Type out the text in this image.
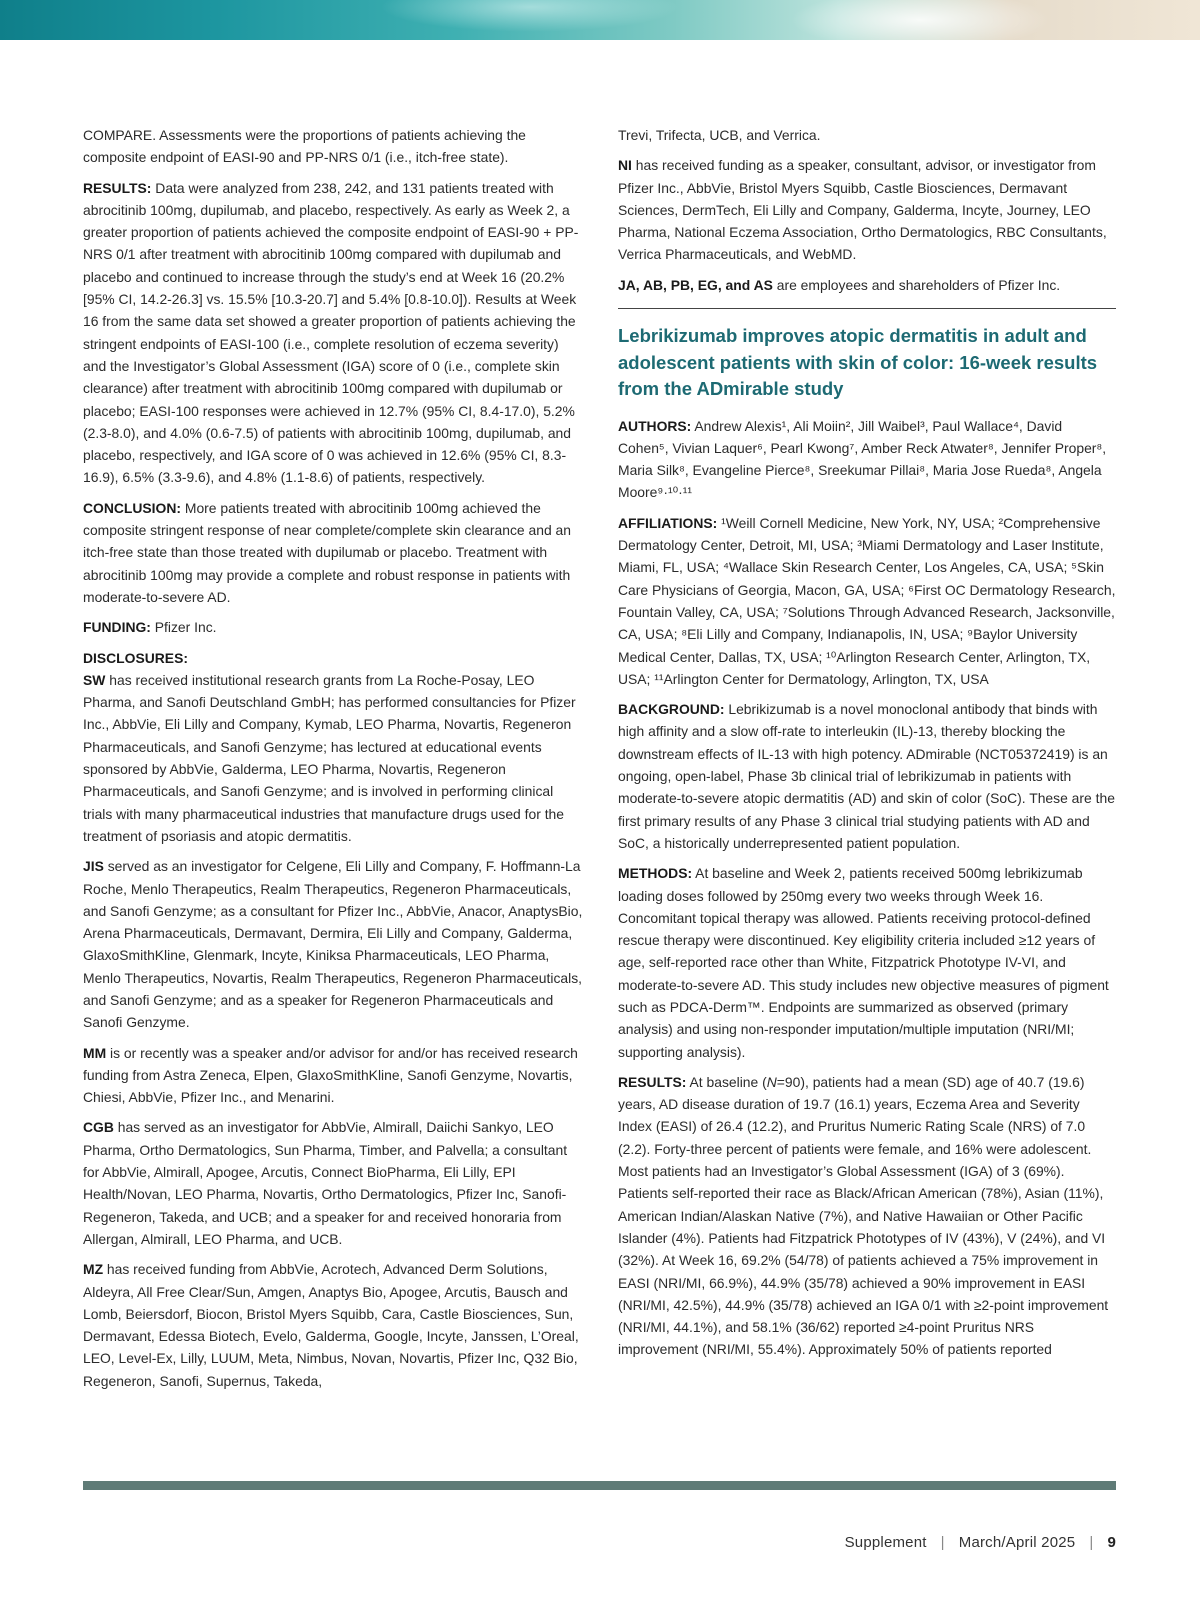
COMPARE. Assessments were the proportions of patients achieving the composite endpoint of EASI-90 and PP-NRS 0/1 (i.e., itch-free state).

RESULTS: Data were analyzed from 238, 242, and 131 patients treated with abrocitinib 100mg, dupilumab, and placebo, respectively. As early as Week 2, a greater proportion of patients achieved the composite endpoint of EASI-90 + PP-NRS 0/1 after treatment with abrocitinib 100mg compared with dupilumab and placebo and continued to increase through the study’s end at Week 16 (20.2% [95% CI, 14.2-26.3] vs. 15.5% [10.3-20.7] and 5.4% [0.8-10.0]). Results at Week 16 from the same data set showed a greater proportion of patients achieving the stringent endpoints of EASI-100 (i.e., complete resolution of eczema severity) and the Investigator’s Global Assessment (IGA) score of 0 (i.e., complete skin clearance) after treatment with abrocitinib 100mg compared with dupilumab or placebo; EASI-100 responses were achieved in 12.7% (95% CI, 8.4-17.0), 5.2% (2.3-8.0), and 4.0% (0.6-7.5) of patients with abrocitinib 100mg, dupilumab, and placebo, respectively, and IGA score of 0 was achieved in 12.6% (95% CI, 8.3-16.9), 6.5% (3.3-9.6), and 4.8% (1.1-8.6) of patients, respectively.

CONCLUSION: More patients treated with abrocitinib 100mg achieved the composite stringent response of near complete/complete skin clearance and an itch-free state than those treated with dupilumab or placebo. Treatment with abrocitinib 100mg may provide a complete and robust response in patients with moderate-to-severe AD.

FUNDING: Pfizer Inc.

DISCLOSURES:

SW has received institutional research grants from La Roche-Posay, LEO Pharma, and Sanofi Deutschland GmbH; has performed consultancies for Pfizer Inc., AbbVie, Eli Lilly and Company, Kymab, LEO Pharma, Novartis, Regeneron Pharmaceuticals, and Sanofi Genzyme; has lectured at educational events sponsored by AbbVie, Galderma, LEO Pharma, Novartis, Regeneron Pharmaceuticals, and Sanofi Genzyme; and is involved in performing clinical trials with many pharmaceutical industries that manufacture drugs used for the treatment of psoriasis and atopic dermatitis.

JIS served as an investigator for Celgene, Eli Lilly and Company, F. Hoffmann-La Roche, Menlo Therapeutics, Realm Therapeutics, Regeneron Pharmaceuticals, and Sanofi Genzyme; as a consultant for Pfizer Inc., AbbVie, Anacor, AnaptysBio, Arena Pharmaceuticals, Dermavant, Dermira, Eli Lilly and Company, Galderma, GlaxoSmithKline, Glenmark, Incyte, Kiniksa Pharmaceuticals, LEO Pharma, Menlo Therapeutics, Novartis, Realm Therapeutics, Regeneron Pharmaceuticals, and Sanofi Genzyme; and as a speaker for Regeneron Pharmaceuticals and Sanofi Genzyme.

MM is or recently was a speaker and/or advisor for and/or has received research funding from Astra Zeneca, Elpen, GlaxoSmithKline, Sanofi Genzyme, Novartis, Chiesi, AbbVie, Pfizer Inc., and Menarini.

CGB has served as an investigator for AbbVie, Almirall, Daiichi Sankyo, LEO Pharma, Ortho Dermatologics, Sun Pharma, Timber, and Palvella; a consultant for AbbVie, Almirall, Apogee, Arcutis, Connect BioPharma, Eli Lilly, EPI Health/Novan, LEO Pharma, Novartis, Ortho Dermatologics, Pfizer Inc, Sanofi-Regeneron, Takeda, and UCB; and a speaker for and received honoraria from Allergan, Almirall, LEO Pharma, and UCB.

MZ has received funding from AbbVie, Acrotech, Advanced Derm Solutions, Aldeyra, All Free Clear/Sun, Amgen, Anaptys Bio, Apogee, Arcutis, Bausch and Lomb, Beiersdorf, Biocon, Bristol Myers Squibb, Cara, Castle Biosciences, Sun, Dermavant, Edessa Biotech, Evelo, Galderma, Google, Incyte, Janssen, L’Oreal, LEO, Level-Ex, Lilly, LUUM, Meta, Nimbus, Novan, Novartis, Pfizer Inc, Q32 Bio, Regeneron, Sanofi, Supernus, Takeda,

Trevi, Trifecta, UCB, and Verrica.

NI has received funding as a speaker, consultant, advisor, or investigator from Pfizer Inc., AbbVie, Bristol Myers Squibb, Castle Biosciences, Dermavant Sciences, DermTech, Eli Lilly and Company, Galderma, Incyte, Journey, LEO Pharma, National Eczema Association, Ortho Dermatologics, RBC Consultants, Verrica Pharmaceuticals, and WebMD.

JA, AB, PB, EG, and AS are employees and shareholders of Pfizer Inc.

Lebrikizumab improves atopic dermatitis in adult and adolescent patients with skin of color: 16-week results from the ADmirable study

AUTHORS: Andrew Alexis¹, Ali Moiin², Jill Waibel³, Paul Wallace⁴, David Cohen⁵, Vivian Laquer⁶, Pearl Kwong⁷, Amber Reck Atwater⁸, Jennifer Proper⁸, Maria Silk⁸, Evangeline Pierce⁸, Sreekumar Pillai⁸, Maria Jose Rueda⁸, Angela Moore⁹·¹⁰·¹¹

AFFILIATIONS: ¹Weill Cornell Medicine, New York, NY, USA; ²Comprehensive Dermatology Center, Detroit, MI, USA; ³Miami Dermatology and Laser Institute, Miami, FL, USA; ⁴Wallace Skin Research Center, Los Angeles, CA, USA; ⁵Skin Care Physicians of Georgia, Macon, GA, USA; ⁶First OC Dermatology Research, Fountain Valley, CA, USA; ⁷Solutions Through Advanced Research, Jacksonville, CA, USA; ⁸Eli Lilly and Company, Indianapolis, IN, USA; ⁹Baylor University Medical Center, Dallas, TX, USA; ¹⁰Arlington Research Center, Arlington, TX, USA; ¹¹Arlington Center for Dermatology, Arlington, TX, USA

BACKGROUND: Lebrikizumab is a novel monoclonal antibody that binds with high affinity and a slow off-rate to interleukin (IL)-13, thereby blocking the downstream effects of IL-13 with high potency. ADmirable (NCT05372419) is an ongoing, open-label, Phase 3b clinical trial of lebrikizumab in patients with moderate-to-severe atopic dermatitis (AD) and skin of color (SoC). These are the first primary results of any Phase 3 clinical trial studying patients with AD and SoC, a historically underrepresented patient population.

METHODS: At baseline and Week 2, patients received 500mg lebrikizumab loading doses followed by 250mg every two weeks through Week 16. Concomitant topical therapy was allowed. Patients receiving protocol-defined rescue therapy were discontinued. Key eligibility criteria included ≥12 years of age, self-reported race other than White, Fitzpatrick Phototype IV-VI, and moderate-to-severe AD. This study includes new objective measures of pigment such as PDCA-Derm™. Endpoints are summarized as observed (primary analysis) and using non-responder imputation/multiple imputation (NRI/MI; supporting analysis).

RESULTS: At baseline (N=90), patients had a mean (SD) age of 40.7 (19.6) years, AD disease duration of 19.7 (16.1) years, Eczema Area and Severity Index (EASI) of 26.4 (12.2), and Pruritus Numeric Rating Scale (NRS) of 7.0 (2.2). Forty-three percent of patients were female, and 16% were adolescent. Most patients had an Investigator’s Global Assessment (IGA) of 3 (69%). Patients self-reported their race as Black/African American (78%), Asian (11%), American Indian/Alaskan Native (7%), and Native Hawaiian or Other Pacific Islander (4%). Patients had Fitzpatrick Phototypes of IV (43%), V (24%), and VI (32%). At Week 16, 69.2% (54/78) of patients achieved a 75% improvement in EASI (NRI/MI, 66.9%), 44.9% (35/78) achieved a 90% improvement in EASI (NRI/MI, 42.5%), 44.9% (35/78) achieved an IGA 0/1 with ≥2-point improvement (NRI/MI, 44.1%), and 58.1% (36/62) reported ≥4-point Pruritus NRS improvement (NRI/MI, 55.4%). Approximately 50% of patients reported

Supplement | March/April 2025 | 9
